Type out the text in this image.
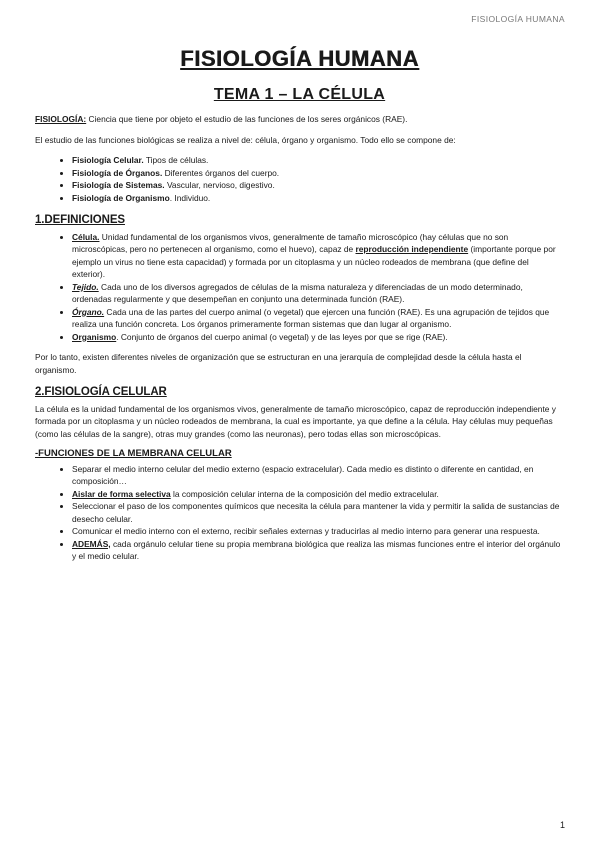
FISIOLOGÍA HUMANA
FISIOLOGÍA HUMANA
TEMA 1 – LA CÉLULA

FISIOLOGÍA: Ciencia que tiene por objeto el estudio de las funciones de los seres orgánicos (RAE).

El estudio de las funciones biológicas se realiza a nivel de: célula, órgano y organismo. Todo ello se compone de:

• Fisiología Celular. Tipos de células.
• Fisiología de Órganos. Diferentes órganos del cuerpo.
• Fisiología de Sistemas. Vascular, nervioso, digestivo.
• Fisiología de Organismo. Individuo.
1.DEFINICIONES
• Célula. Unidad fundamental de los organismos vivos, generalmente de tamaño microscópico (hay células que no son microscópicas, pero no pertenecen al organismo, como el huevo), capaz de reproducción independiente (importante porque por ejemplo un virus no tiene esta capacidad) y formada por un citoplasma y un núcleo rodeados de membrana (que define del exterior).
• Tejido. Cada uno de los diversos agregados de células de la misma naturaleza y diferenciadas de un modo determinado, ordenadas regularmente y que desempeñan en conjunto una determinada función (RAE).
• Órgano. Cada una de las partes del cuerpo animal (o vegetal) que ejercen una función (RAE). Es una agrupación de tejidos que realiza una función concreta. Los órganos primeramente forman sistemas que dan lugar al organismo.
• Organismo. Conjunto de órganos del cuerpo animal (o vegetal) y de las leyes por que se rige (RAE).

Por lo tanto, existen diferentes niveles de organización que se estructuran en una jerarquía de complejidad desde la célula hasta el organismo.

2.FISIOLOGÍA CELULAR

La célula es la unidad fundamental de los organismos vivos, generalmente de tamaño microscópico, capaz de reproducción independiente y formada por un citoplasma y un núcleo rodeados de membrana, la cual es importante, ya que define a la célula. Hay células muy pequeñas (como las células de la sangre), otras muy grandes (como las neuronas), pero todas ellas son microscópicas.

-FUNCIONES DE LA MEMBRANA CELULAR
• Separar el medio interno celular del medio externo (espacio extracelular). Cada medio es distinto o diferente en cantidad, en composición…
• Aislar de forma selectiva la composición celular interna de la composición del medio extracelular.
• Seleccionar el paso de los componentes químicos que necesita la célula para mantener la vida y permitir la salida de sustancias de desecho celular.
• Comunicar el medio interno con el externo, recibir señales externas y traducirlas al medio interno para generar una respuesta.
• ADEMÁS, cada orgánulo celular tiene su propia membrana biológica que realiza las mismas funciones entre el interior del orgánulo y el medio celular.
1
